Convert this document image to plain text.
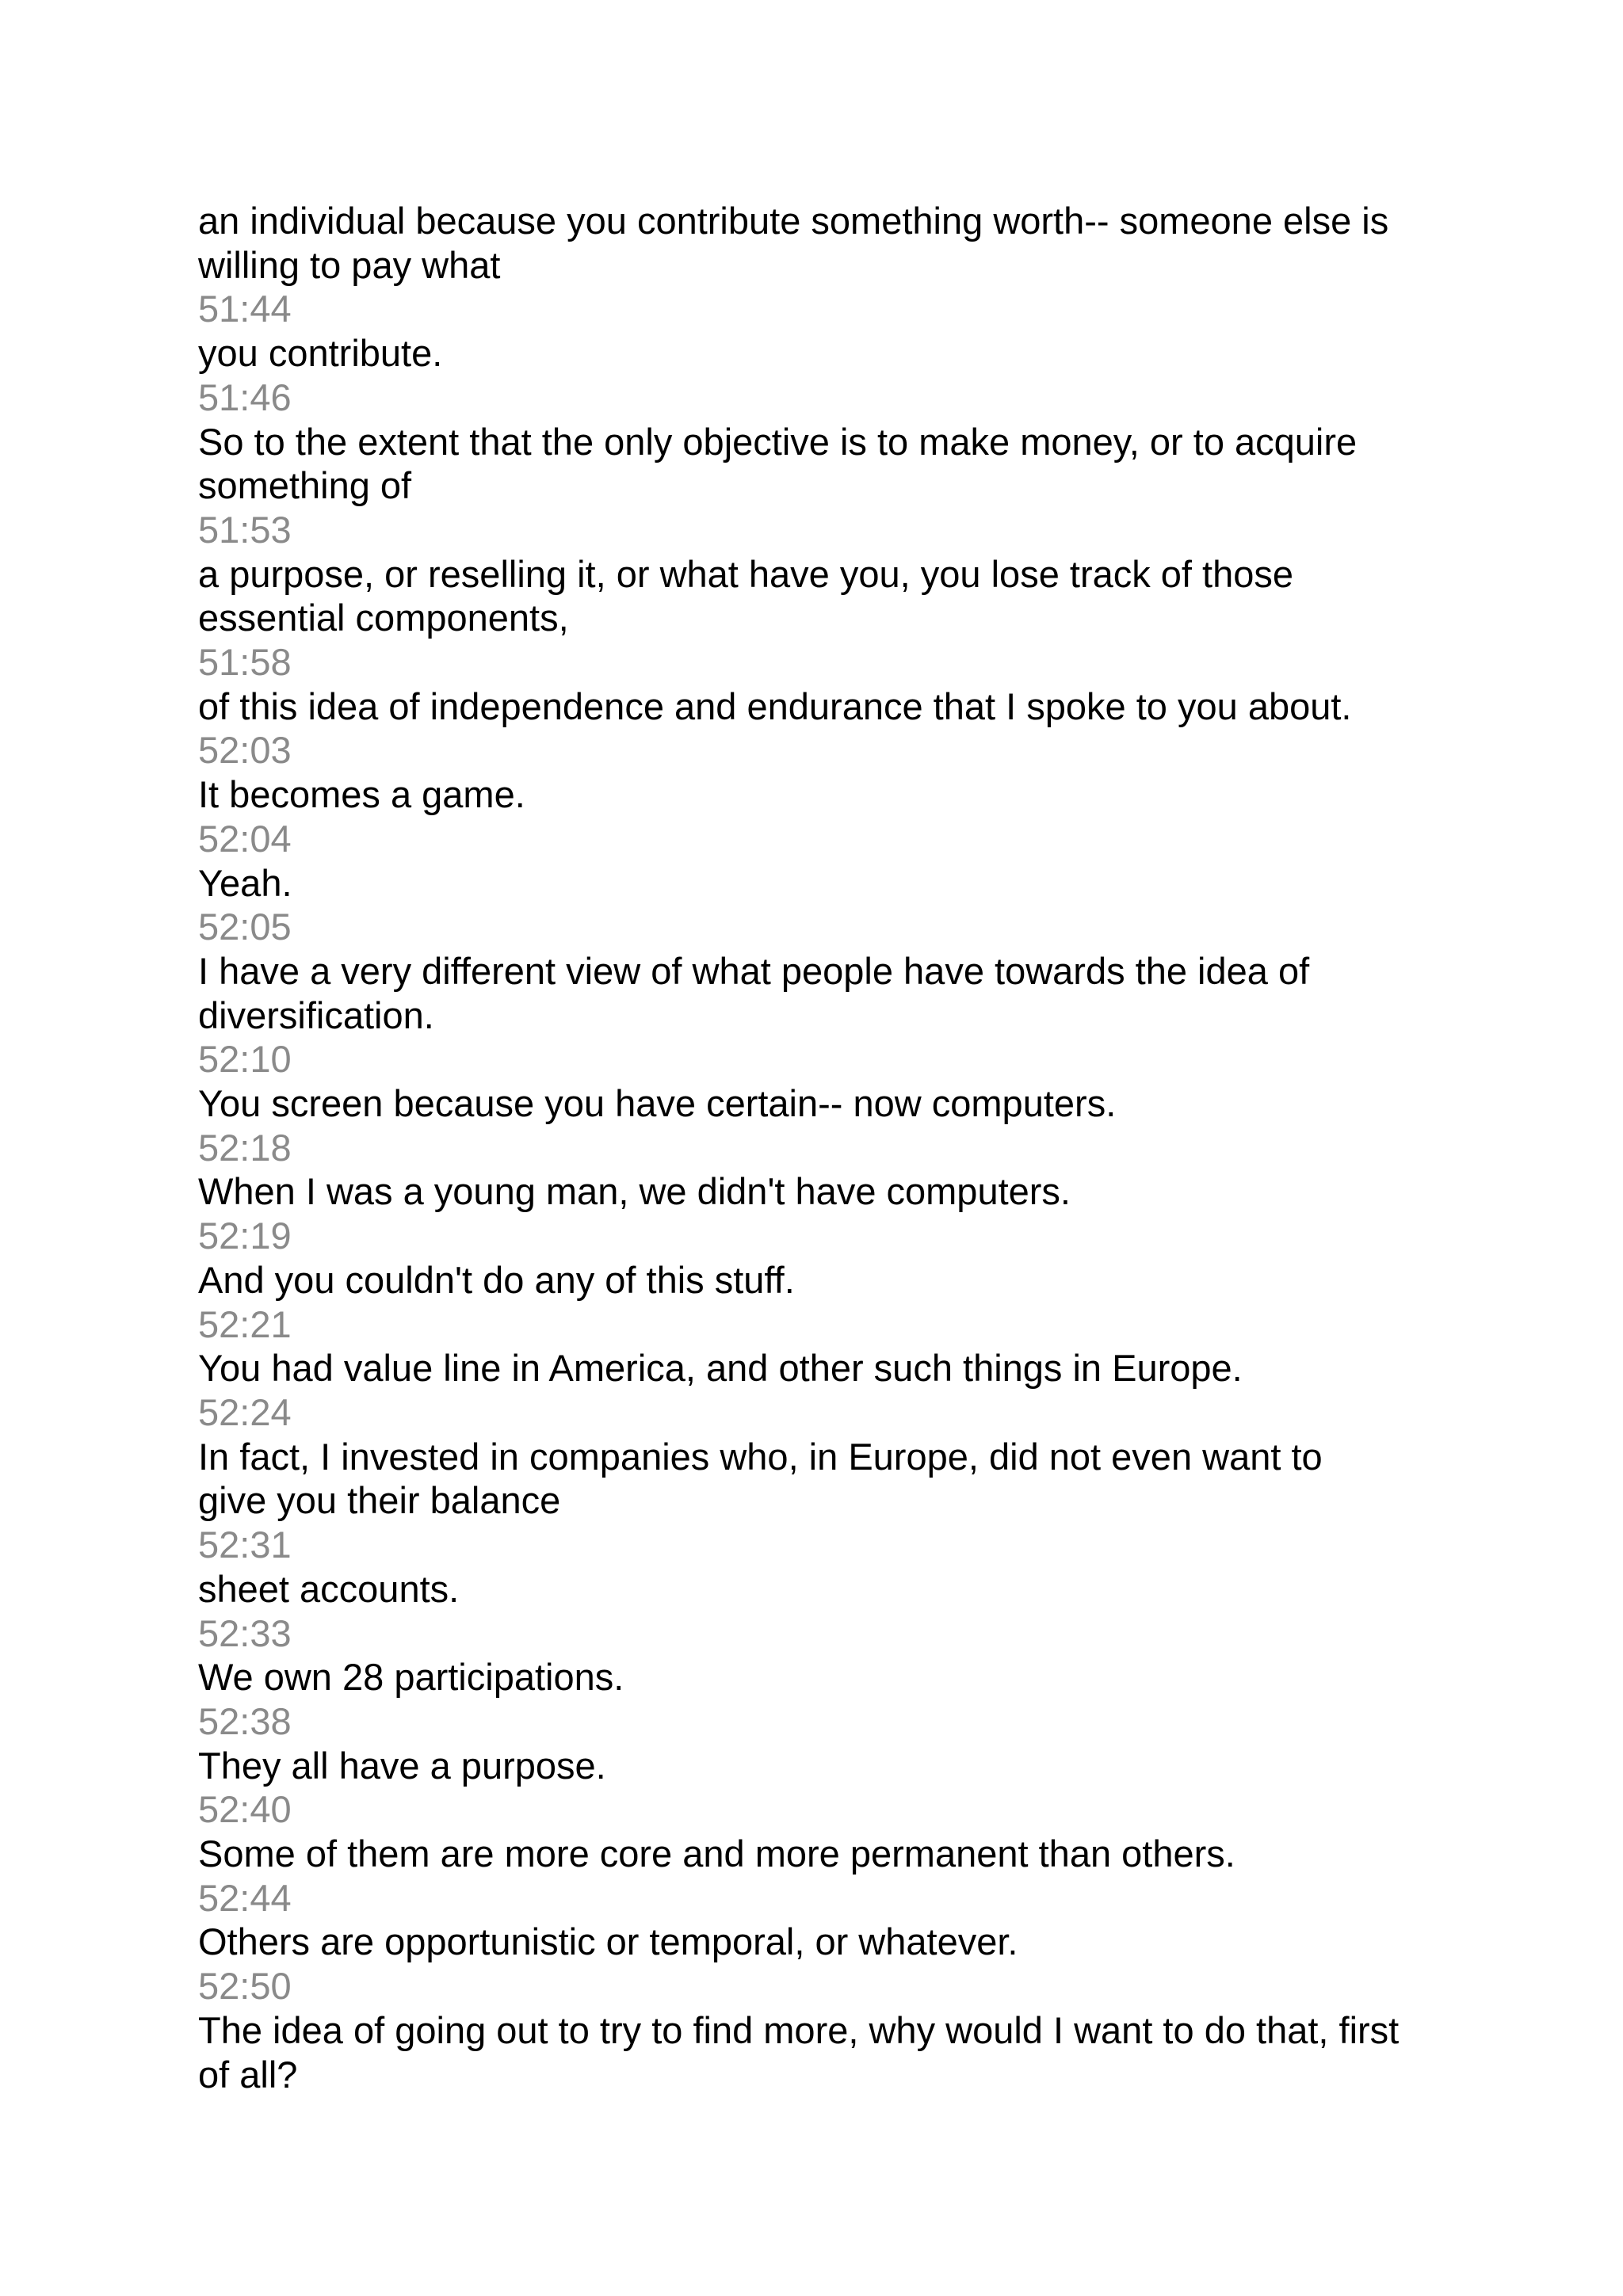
an individual because you contribute something worth-- someone else is
willing to pay what
51:44
you contribute.
51:46
So to the extent that the only objective is to make money, or to acquire
something of
51:53
a purpose, or reselling it, or what have you, you lose track of those
essential components,
51:58
of this idea of independence and endurance that I spoke to you about.
52:03
It becomes a game.
52:04
Yeah.
52:05
I have a very different view of what people have towards the idea of
diversification.
52:10
You screen because you have certain-- now computers.
52:18
When I was a young man, we didn't have computers.
52:19
And you couldn't do any of this stuff.
52:21
You had value line in America, and other such things in Europe.
52:24
In fact, I invested in companies who, in Europe, did not even want to
give you their balance
52:31
sheet accounts.
52:33
We own 28 participations.
52:38
They all have a purpose.
52:40
Some of them are more core and more permanent than others.
52:44
Others are opportunistic or temporal, or whatever.
52:50
The idea of going out to try to find more, why would I want to do that, first
of all?
